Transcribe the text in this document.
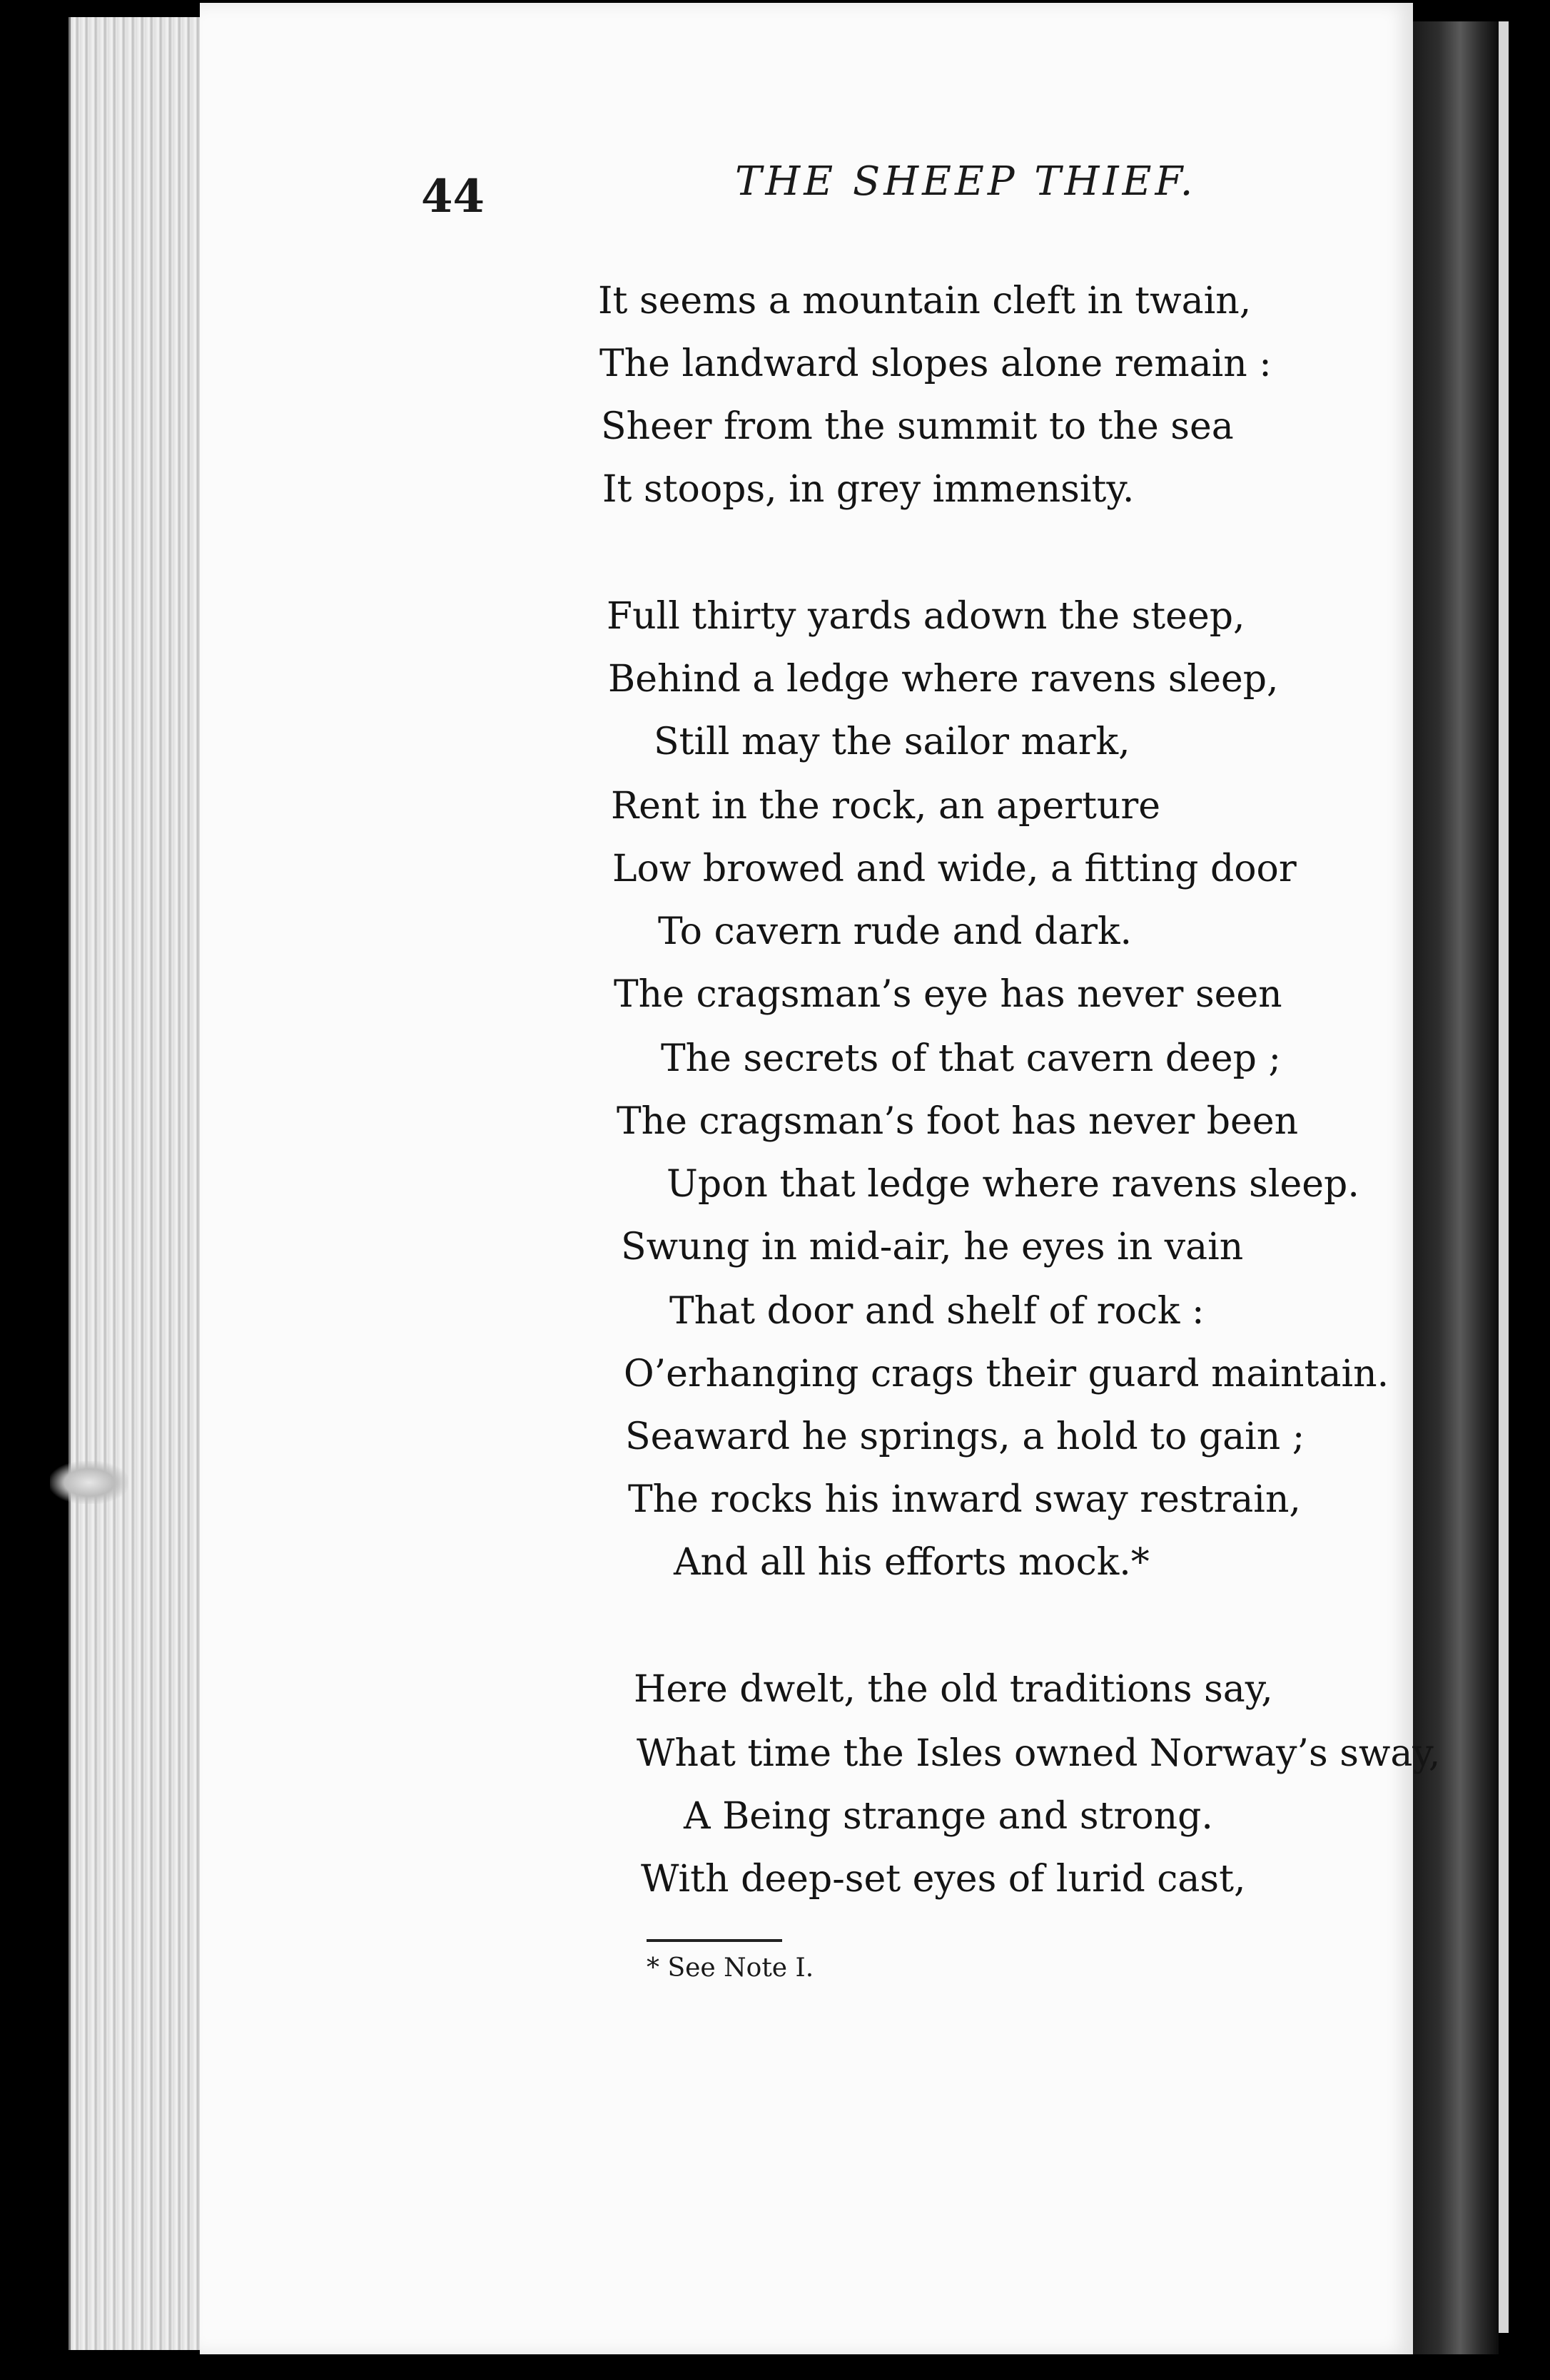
44	THE SHEEP THIEF.
It seems a mountain cleft in twain,
The landward slopes alone remain :
Sheer from the summit to the sea
It stoops, in grey immensity.
Full thirty yards adown the steep,
Behind a ledge where ravens sleep,
Still may the sailor mark,
Rent in the rock, an aperture
Low browed and wide, a fitting door
To cavern rude and dark.
The cragsman’s eye has never seen
The secrets of that cavern deep ;
The cragsman’s foot has never been
Upon that ledge where ravens sleep.
Swung in mid-air, he eyes in vain
That door and shelf of rock :
O’erhanging crags their guard maintain.
Seaward he springs, a hold to gain ;
The rocks his inward sway restrain,
And all his efforts mock.*
Here dwelt, the old traditions say,
What time the Isles owned Norway’s sway,
A Being strange and strong.
With deep-set eyes of lurid cast,
* See Note I.
